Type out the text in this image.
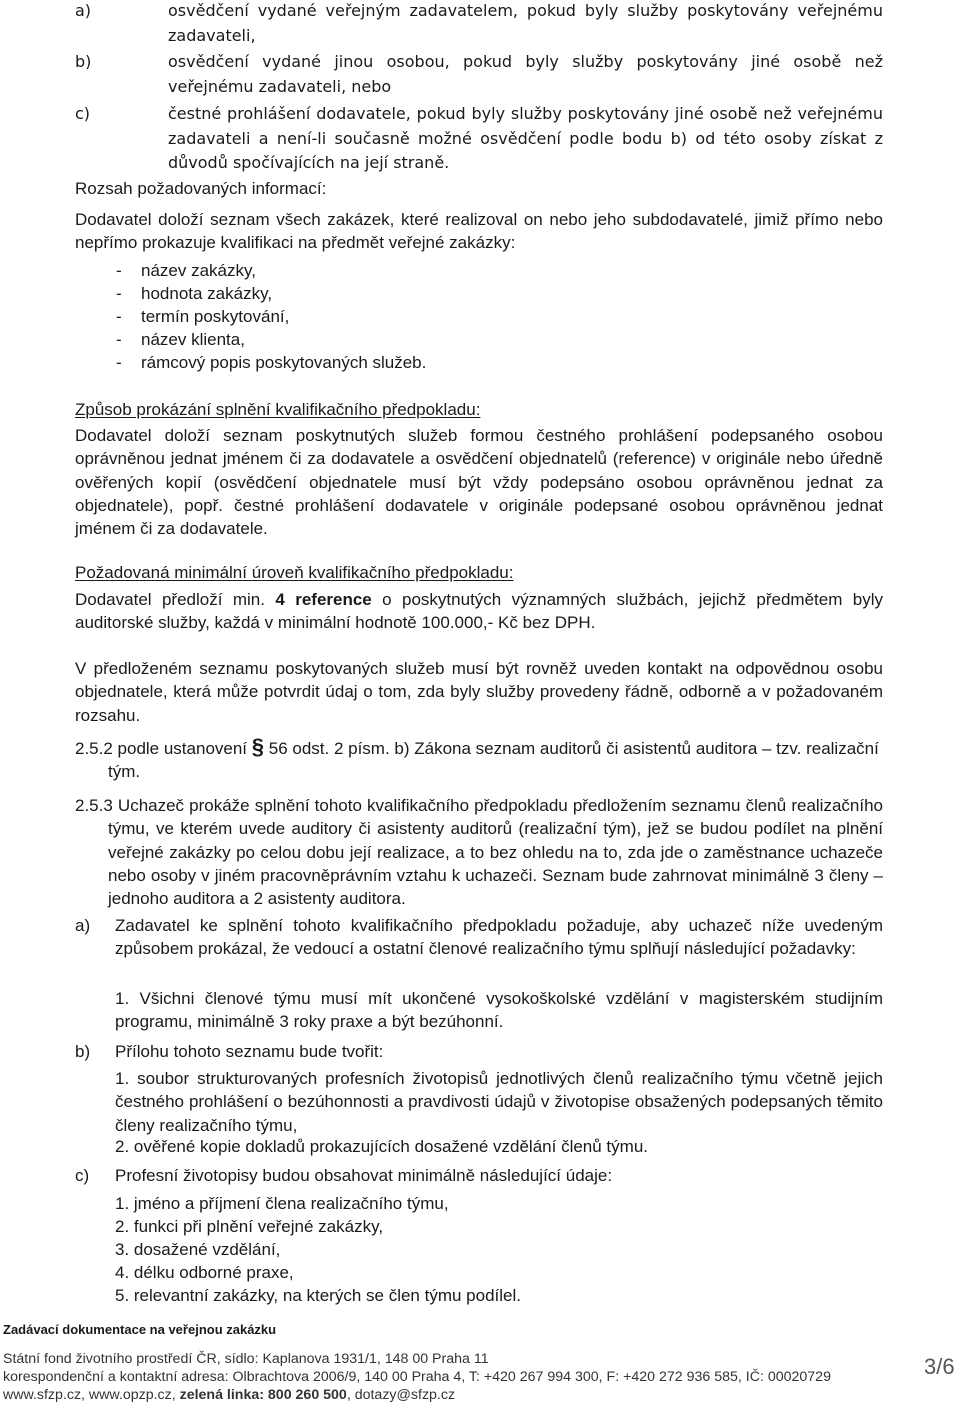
a)	osvědčení vydané veřejným zadavatelem, pokud byly služby poskytovány veřejnému zadavateli,
b)	osvědčení vydané jinou osobou, pokud byly služby poskytovány jiné osobě než veřejnému zadavateli, nebo
c)	čestné prohlášení dodavatele, pokud byly služby poskytovány jiné osobě než veřejnému zadavateli a není-li současně možné osvědčení podle bodu b) od této osoby získat z důvodů spočívajících na její straně.
Rozsah požadovaných informací:
Dodavatel doloží seznam všech zakázek, které realizoval on nebo jeho subdodavatelé, jimiž přímo nebo nepřímo prokazuje kvalifikaci na předmět veřejné zakázky:
- název zakázky,
- hodnota zakázky,
- termín poskytování,
- název klienta,
- rámcový popis poskytovaných služeb.
Způsob prokázání splnění kvalifikačního předpokladu:
Dodavatel doloží seznam poskytnutých služeb formou čestného prohlášení podepsaného osobou oprávněnou jednat jménem či za dodavatele a osvědčení objednatelů (reference) v originále nebo úředně ověřených kopií (osvědčení objednatele musí být vždy podepsáno osobou oprávněnou jednat za objednatele), popř. čestné prohlášení dodavatele v originále podepsané osobou oprávněnou jednat jménem či za dodavatele.
Požadovaná minimální úroveň kvalifikačního předpokladu:
Dodavatel předloží min. 4 reference o poskytnutých významných službách, jejichž předmětem byly auditorské služby, každá v minimální hodnotě 100.000,- Kč bez DPH.
V předloženém seznamu poskytovaných služeb musí být rovněž uveden kontakt na odpovědnou osobu objednatele, která může potvrdit údaj o tom, zda byly služby provedeny řádně, odborně a v požadovaném rozsahu.
2.5.2 podle ustanovení § 56 odst. 2 písm. b) Zákona seznam auditorů či asistentů auditora – tzv. realizační tým.
2.5.3 Uchazeč prokáže splnění tohoto kvalifikačního předpokladu předložením seznamu členů realizačního týmu, ve kterém uvede auditory či asistenty auditorů (realizační tým), jež se budou podílet na plnění veřejné zakázky po celou dobu její realizace, a to bez ohledu na to, zda jde o zaměstnance uchazeče nebo osoby v jiném pracovněprávním vztahu k uchazeči. Seznam bude zahrnovat minimálně 3 členy – jednoho auditora a 2 asistenty auditora.
a) Zadavatel ke splnění tohoto kvalifikačního předpokladu požaduje, aby uchazeč níže uvedeným způsobem prokázal, že vedoucí a ostatní členové realizačního týmu splňují následující požadavky:
1. Všichni členové týmu musí mít ukončené vysokoškolské vzdělání v magisterském studijním programu, minimálně 3 roky praxe a být bezúhonní.
b) Přílohu tohoto seznamu bude tvořit:
1. soubor strukturovaných profesních životopisů jednotlivých členů realizačního týmu včetně jejich čestného prohlášení o bezúhonnosti a pravdivosti údajů v životopise obsažených podepsaných těmito členy realizačního týmu,
2. ověřené kopie dokladů prokazujících dosažené vzdělání členů týmu.
c) Profesní životopisy budou obsahovat minimálně následující údaje:
1. jméno a příjmení člena realizačního týmu,
2. funkci při plnění veřejné zakázky,
3. dosažené vzdělání,
4. délku odborné praxe,
5. relevantní zakázky, na kterých se člen týmu podílel.
Zadávací dokumentace na veřejnou zakázku
Státní fond životního prostředí ČR, sídlo: Kaplanova 1931/1, 148 00 Praha 11
korespondenční a kontaktní adresa: Olbrachtova 2006/9, 140 00 Praha 4, T: +420 267 994 300, F: +420 272 936 585, IČ: 00020729
www.sfzp.cz, www.opzp.cz, zelená linka: 800 260 500, dotazy@sfzp.cz
3/6
